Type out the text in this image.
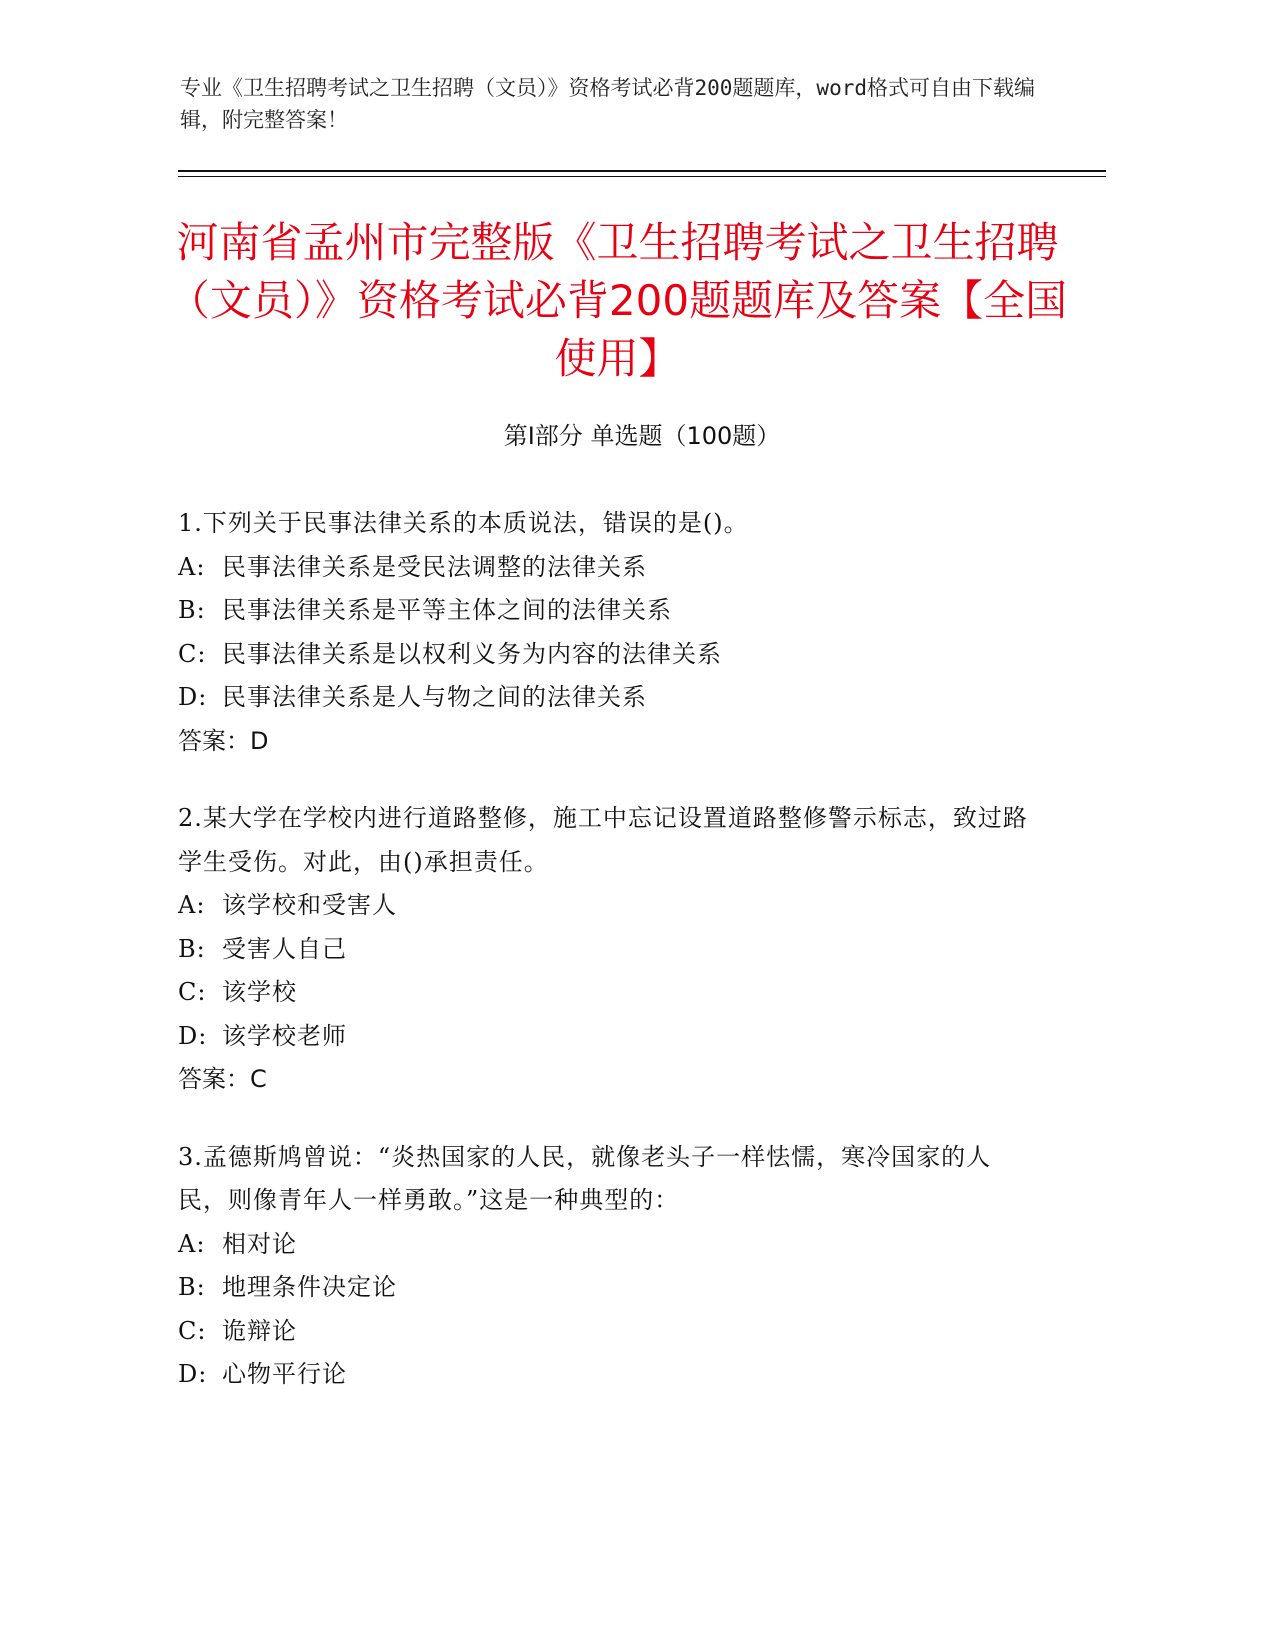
专业《卫生招聘考试之卫生招聘（文员）》资格考试必背200题题库，word格式可自由下载编辑，附完整答案！
河南省孟州市完整版《卫生招聘考试之卫生招聘（文员）》资格考试必背200题题库及答案【全国使用】
第I部分 单选题（100题）

1.下列关于民事法律关系的本质说法，错误的是()。

A: 民事法律关系是受民法调整的法律关系
B: 民事法律关系是平等主体之间的法律关系
C: 民事法律关系是以权利义务为内容的法律关系
D: 民事法律关系是人与物之间的法律关系
答案：D

2.某大学在学校内进行道路整修，施工中忘记设置道路整修警示标志，致过路学生受伤。对此，由()承担责任。

A: 该学校和受害人
B: 受害人自己
C: 该学校
D: 该学校老师
答案：C

3.孟德斯鸠曾说：“炎热国家的人民，就像老头子一样怯懦，寒冷国家的人民，则像青年人一样勇敢。”这是一种典型的：

A: 相对论
B: 地理条件决定论
C: 诡辩论
D: 心物平行论
